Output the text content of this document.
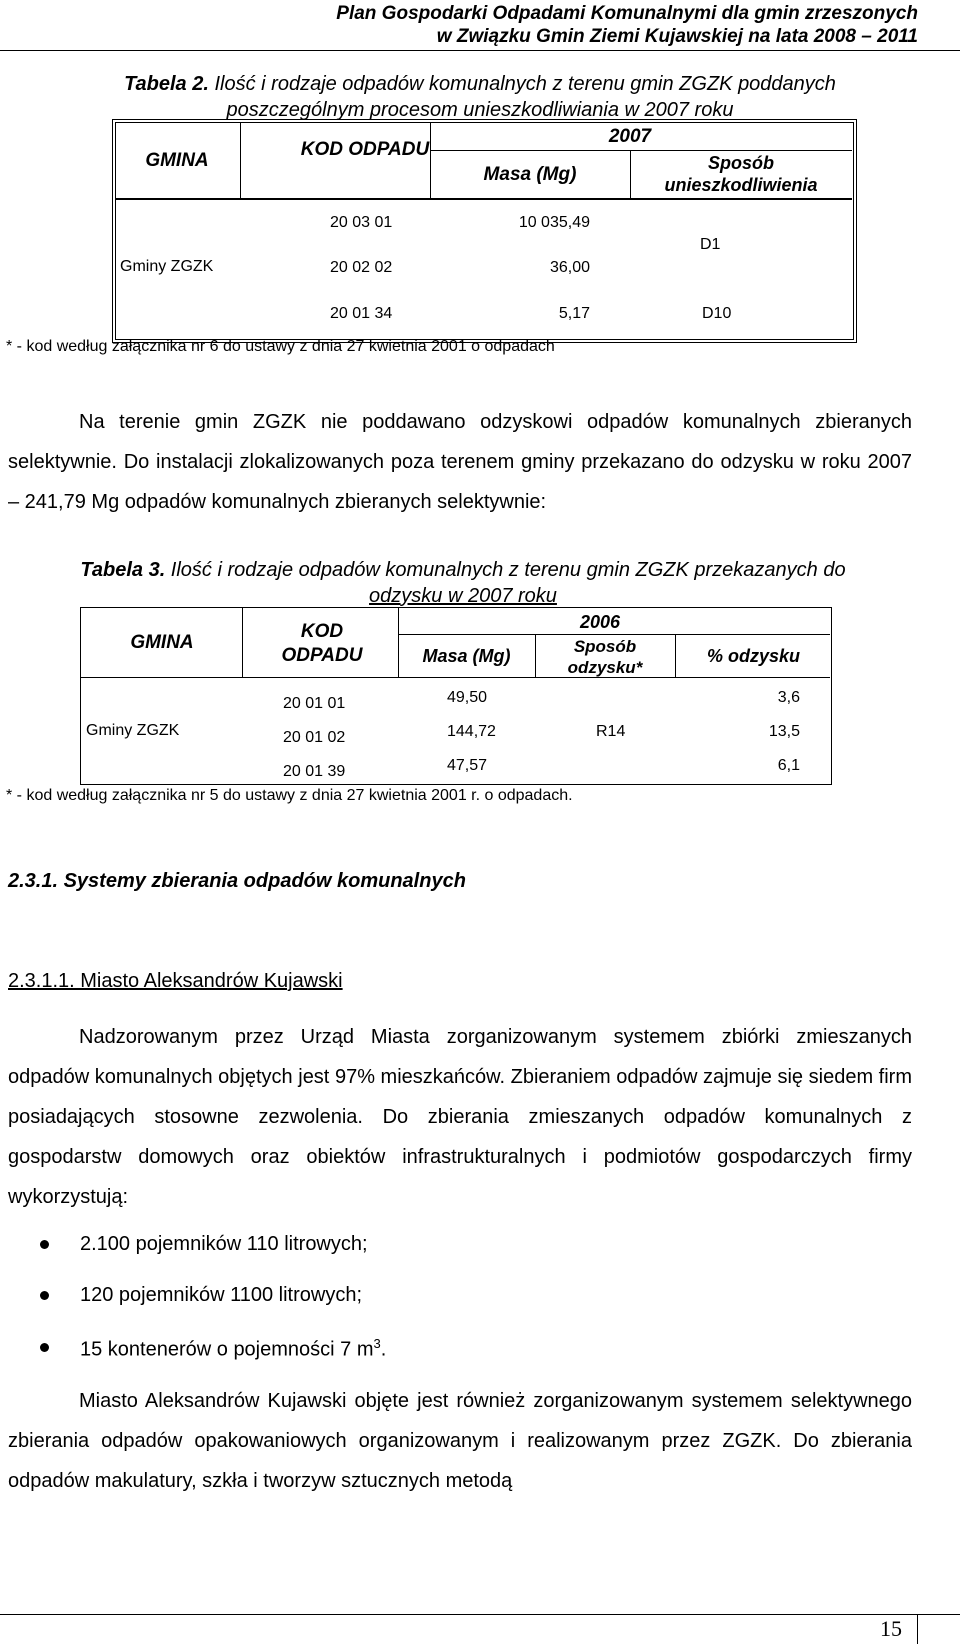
Plan Gospodarki Odpadami Komunalnymi dla gmin zrzeszonych
w Związku Gmin Ziemi Kujawskiej na lata 2008 – 2011
Tabela 2. Ilość i rodzaje odpadów komunalnych z terenu gmin ZGZK poddanych
poszczególnym procesom unieszkodliwiania w 2007 roku
GMINA
KOD ODPADU
2007
Masa (Mg)
Sposób unieszkodliwienia
Gminy ZGZK
20 03 01
20 02 02
20 01 34
10 035,49
36,00
5,17
D1
D10
* - kod według załącznika nr 6 do ustawy z dnia 27 kwietnia 2001 o odpadach
Na terenie gmin ZGZK nie poddawano odzyskowi odpadów komunalnych zbieranych selektywnie. Do instalacji zlokalizowanych poza terenem gminy przekazano do odzysku w roku 2007 – 241,79 Mg odpadów komunalnych zbieranych selektywnie:
Tabela 3. Ilość i rodzaje odpadów komunalnych z terenu gmin ZGZK przekazanych do
odzysku w 2007 roku
GMINA
KOD ODPADU
2006
Masa (Mg)	Sposób odzysku*
% odzysku
Gminy ZGZK
20 01 01
20 01 02
20 01 39
49,50
144,72
47,57
R14
3,6
13,5
6,1
* - kod według załącznika nr 5 do ustawy z dnia 27 kwietnia 2001 r. o odpadach.
2.3.1. Systemy zbierania odpadów komunalnych
2.3.1.1. Miasto Aleksandrów Kujawski
Nadzorowanym przez Urząd Miasta zorganizowanym systemem zbiórki zmieszanych odpadów komunalnych objętych jest 97% mieszkańców. Zbieraniem odpadów zajmuje się siedem firm posiadających stosowne zezwolenia. Do zbierania zmieszanych odpadów komunalnych z gospodarstw domowych oraz obiektów infrastrukturalnych i podmiotów gospodarczych firmy wykorzystują:
2.100 pojemników 110 litrowych;
120 pojemników 1100 litrowych;
15 kontenerów o pojemności 7 $m^3$.
Miasto Aleksandrów Kujawski objęte jest również zorganizowanym systemem selektywnego zbierania odpadów opakowaniowych organizowanym i realizowanym przez ZGZK. Do zbierania odpadów makulatury, szkła i tworzyw sztucznych metodą
15
